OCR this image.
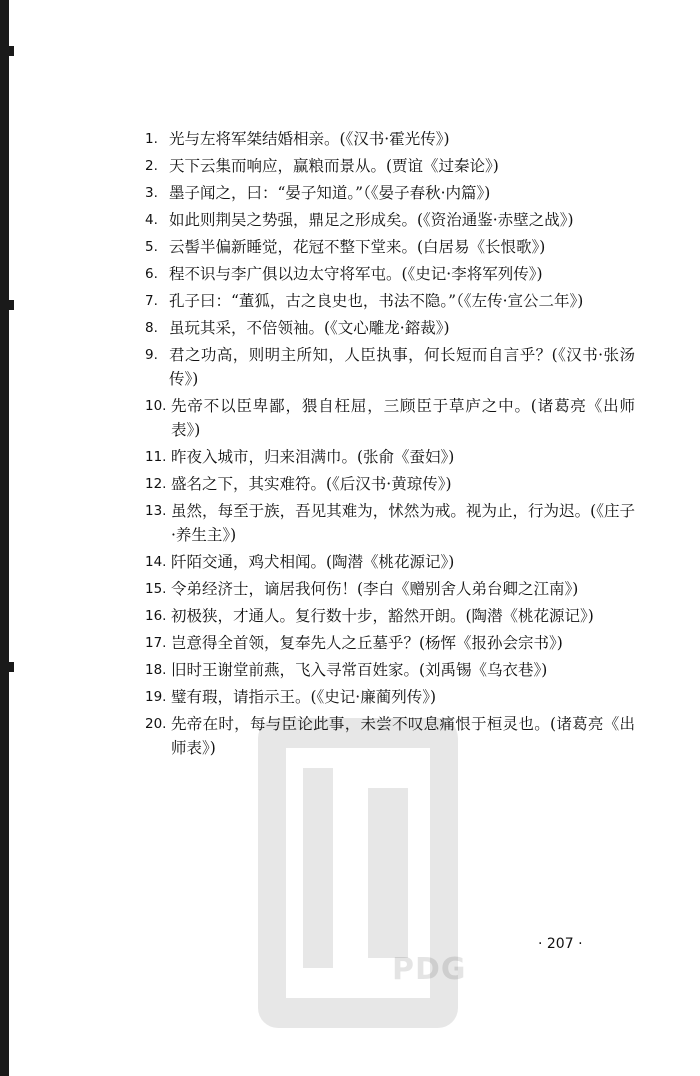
PDG
1. 光与左将军桀结婚相亲。(《汉书·霍光传》)
2. 天下云集而响应，赢粮而景从。(贾谊《过秦论》)
3. 墨子闻之，曰：“晏子知道。”（《晏子春秋·内篇》)
4. 如此则荆吴之势强，鼎足之形成矣。(《资治通鉴·赤壁之战》)
5. 云髻半偏新睡觉，花冠不整下堂来。(白居易《长恨歌》)
6. 程不识与李广俱以边太守将军屯。(《史记·李将军列传》)
7. 孔子曰：“董狐，古之良史也，书法不隐。”（《左传·宣公二年》)
8. 虽玩其采，不倍领袖。(《文心雕龙·鎔裁》)
9. 君之功高，则明主所知，人臣执事，何长短而自言乎？(《汉书·张汤传》)
10. 先帝不以臣卑鄙，猥自枉屈，三顾臣于草庐之中。(诸葛亮《出师表》)
11. 昨夜入城市，归来泪满巾。(张俞《蚕妇》)
12. 盛名之下，其实难符。(《后汉书·黄琼传》)
13. 虽然，每至于族，吾见其难为，怵然为戒。视为止，行为迟。(《庄子·养生主》)
14. 阡陌交通，鸡犬相闻。(陶潜《桃花源记》)
15. 令弟经济士，谪居我何伤！(李白《赠别舍人弟台卿之江南》)
16. 初极狭，才通人。复行数十步，豁然开朗。(陶潜《桃花源记》)
17. 岂意得全首领，复奉先人之丘墓乎？(杨恽《报孙会宗书》)
18. 旧时王谢堂前燕，飞入寻常百姓家。(刘禹锡《乌衣巷》)
19. 璧有瑕，请指示王。(《史记·廉蔺列传》)
20. 先帝在时，每与臣论此事，未尝不叹息痛恨于桓灵也。(诸葛亮《出师表》)
· 207 ·
